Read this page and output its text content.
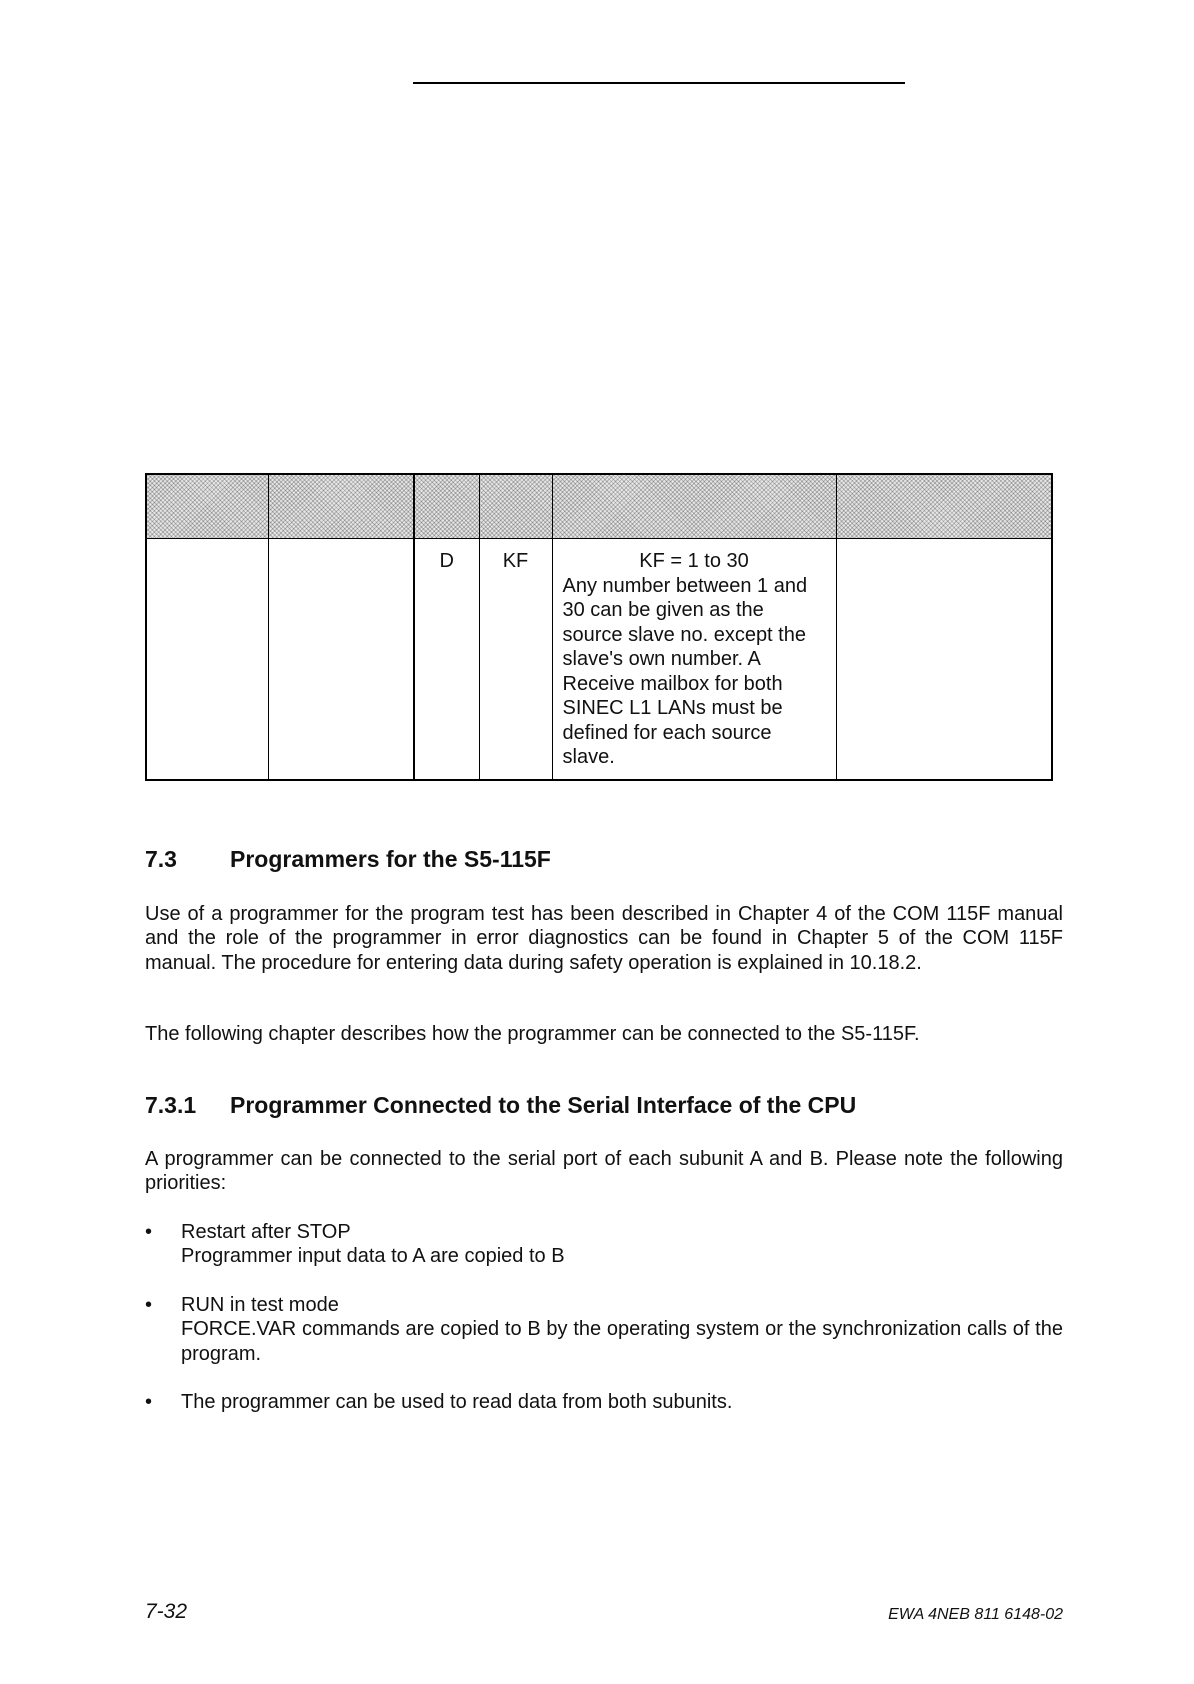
		D	KF	KF = 1 to 30
Any number between 1 and 30 can be given as the source slave no. except the slave's own number. A Receive mailbox for both SINEC L1 LANs must be defined for each source slave.	

7.3 Programmers for the S5-115F

Use of a programmer for the program test has been described in Chapter 4 of the COM 115F manual and the role of the programmer in error diagnostics can be found in Chapter 5 of the COM 115F manual. The procedure for entering data during safety operation is explained in 10.18.2.

The following chapter describes how the programmer can be connected to the S5-115F.

7.3.1 Programmer Connected to the Serial Interface of the CPU

A programmer can be connected to the serial port of each subunit A and B. Please note the following priorities:

• Restart after STOP
Programmer input data to A are copied to B
• RUN in test mode
FORCE.VAR commands are copied to B by the operating system or the synchronization calls of the program.
• The programmer can be used to read data from both subunits.
7-32	EWA 4NEB 811 6148-02
